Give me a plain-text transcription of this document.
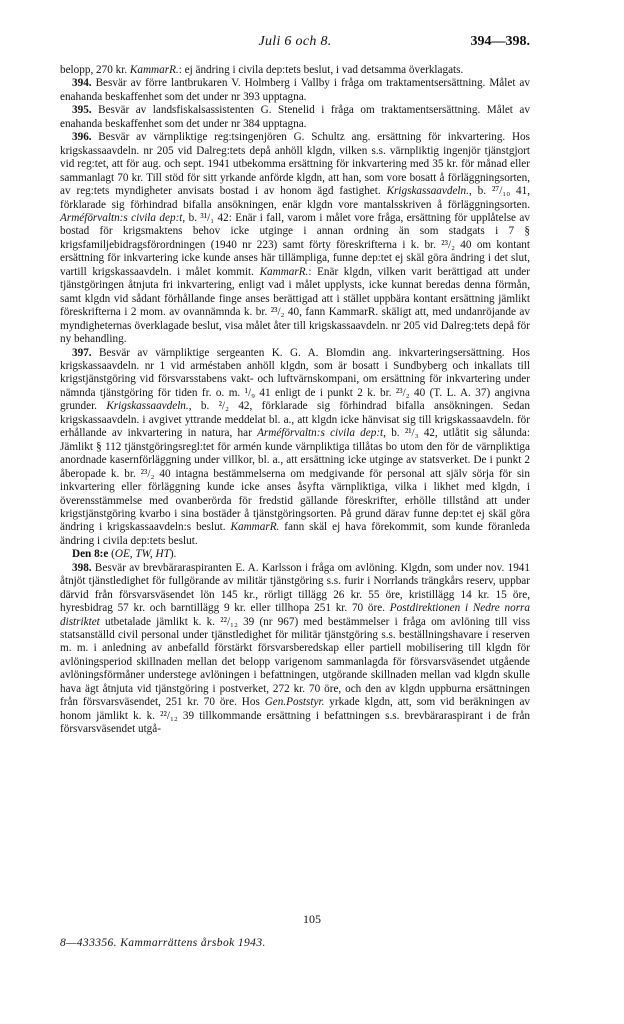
Juli 6 och 8.	394—398.

belopp, 270 kr. KammarR.: ej ändring i civila dep:tets beslut, i vad detsamma överklagats.

394. Besvär av förre lantbrukaren V. Holmberg i Vallby i fråga om traktamentsersättning. Målet av enahanda beskaffenhet som det under nr 393 upptagna.

395. Besvär av landsfiskalsassistenten G. Stenelid i fråga om traktamentsersättning. Målet av enahanda beskaffenhet som det under nr 384 upptagna.

396. Besvär av värnpliktige reg:tsingenjören G. Schultz ang. ersättning för inkvartering. Hos krigskassaavdeln. nr 205 vid Dalreg:tets depå anhöll klgdn, vilken s.s. värnpliktig ingenjör tjänstgjort vid reg:tet, att för aug. och sept. 1941 utbekomma ersättning för inkvartering med 35 kr. för månad eller sammanlagt 70 kr. Till stöd för sitt yrkande anförde klgdn, att han, som vore bosatt å förläggningsorten, av reg:tets myndigheter anvisats bostad i av honom ägd fastighet. Krigskassaavdeln., b. ²⁷/₁₀ 41, förklarade sig förhindrad bifalla ansökningen, enär klgdn vore mantalsskriven å förläggningsorten. Arméförvaltn:s civila dep:t, b. ³¹/₁ 42: Enär i fall, varom i målet vore fråga, ersättning för upplåtelse av bostad för krigsmaktens behov icke utginge i annan ordning än som stadgats i 7 § krigsfamiljebidragsförordningen (1940 nr 223) samt förty föreskrifterna i k. br. ²³/₂ 40 om kontant ersättning för inkvartering icke kunde anses här tillämpliga, funne dep:tet ej skäl göra ändring i det slut, vartill krigskassaavdeln. i målet kommit. KammarR.: Enär klgdn, vilken varit berättigad att under tjänstgöringen åtnjuta fri inkvartering, enligt vad i målet upplysts, icke kunnat beredas denna förmån, samt klgdn vid sådant förhållande finge anses berättigad att i stället uppbära kontant ersättning jämlikt föreskrifterna i 2 mom. av ovannämnda k. br. ²³/₂ 40, fann KammarR. skäligt att, med undanröjande av myndigheternas överklagade beslut, visa målet åter till krigskassaavdeln. nr 205 vid Dalreg:tets depå för ny behandling.

397. Besvär av värnpliktige sergeanten K. G. A. Blomdin ang. inkvarteringsersättning. Hos krigskassaavdeln. nr 1 vid arméstaben anhöll klgdn, som är bosatt i Sundbyberg och inkallats till krigstjänstgöring vid försvarsstabens vakt- och luftvärnskompani, om ersättning för inkvartering under nämnda tjänstgöring för tiden fr. o. m. ¹/₉ 41 enligt de i punkt 2 k. br. ²³/₂ 40 (T. L. A. 37) angivna grunder. Krigskassaavdeln., b. ²/₂ 42, förklarade sig förhindrad bifalla ansökningen. Sedan krigskassaavdeln. i avgivet yttrande meddelat bl. a., att klgdn icke hänvisat sig till krigskassaavdeln. för erhållande av inkvartering in natura, har Arméförvaltn:s civila dep:t, b. ²¹/₃ 42, utlåtit sig sålunda: Jämlikt § 112 tjänstgöringsregl:tet för armén kunde värnpliktiga tillåtas bo utom den för de värnpliktiga anordnade kasernförläggning under villkor, bl. a., att ersättning icke utginge av statsverket. De i punkt 2 åberopade k. br. ²³/₂ 40 intagna bestämmelserna om medgivande för personal att själv sörja för sin inkvartering eller förläggning kunde icke anses åsyfta värnpliktiga, vilka i likhet med klgdn, i överensstämmelse med ovanberörda för fredstid gällande föreskrifter, erhölle tillstånd att under krigstjänstgöring kvarbo i sina bostäder å tjänstgöringsorten. På grund därav funne dep:tet ej skäl göra ändring i krigskassaavdeln:s beslut. KammarR. fann skäl ej hava förekommit, som kunde föranleda ändring i civila dep:tets beslut.

Den 8:e (OE, TW, HT).

398. Besvär av brevbäraraspiranten E. A. Karlsson i fråga om avlöning. Klgdn, som under nov. 1941 åtnjöt tjänstledighet för fullgörande av militär tjänstgöring s.s. furir i Norrlands trängkårs reserv, uppbar därvid från försvarsväsendet lön 145 kr., rörligt tillägg 26 kr. 55 öre, kristillägg 14 kr. 15 öre, hyresbidrag 57 kr. och barntillägg 9 kr. eller tillhopa 251 kr. 70 öre. Postdirektionen i Nedre norra distriktet utbetalade jämlikt k. k. ²²/₁₂ 39 (nr 967) med bestämmelser i fråga om avlöning till viss statsanställd civil personal under tjänstledighet för militär tjänstgöring s.s. beställningshavare i reserven m. m. i anledning av anbefalld förstärkt försvarsberedskap eller partiell mobilisering till klgdn för avlöningsperiod skillnaden mellan det belopp varigenom sammanlagda för försvarsväsendet utgående avlöningsförmåner understege avlöningen i befattningen, utgörande skillnaden mellan vad klgdn skulle hava ägt åtnjuta vid tjänstgöring i postverket, 272 kr. 70 öre, och den av klgdn uppburna ersättningen från försvarsväsendet, 251 kr. 70 öre. Hos Gen.Poststyr. yrkade klgdn, att, som vid beräkningen av honom jämlikt k. k. ²²/₁₂ 39 tillkommande ersättning i befattningen s.s. brevbäraraspirant i de från försvarsväsendet utgå-

105
8—433356. Kammarrättens årsbok 1943.
